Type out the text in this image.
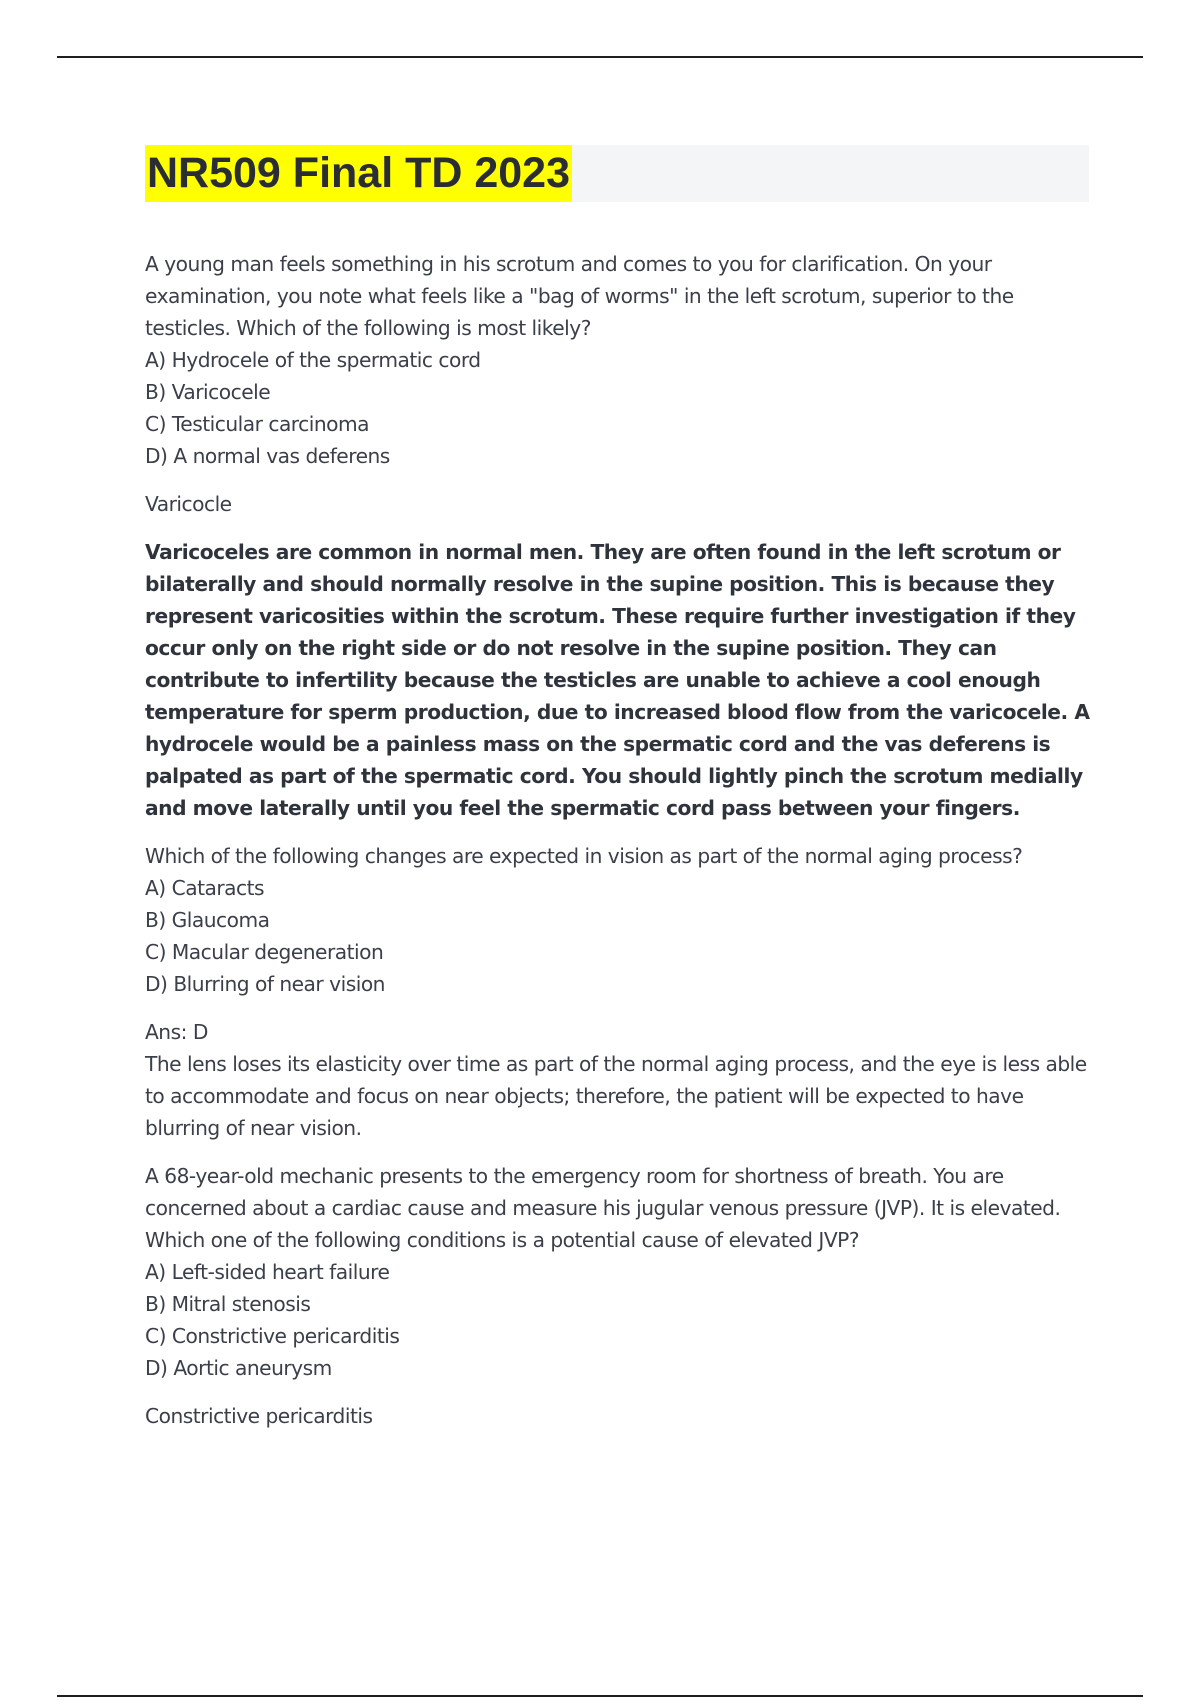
NR509 Final TD 2023

A young man feels something in his scrotum and comes to you for clarification. On your examination, you note what feels like a "bag of worms" in the left scrotum, superior to the testicles. Which of the following is most likely?

A) Hydrocele of the spermatic cord

B) Varicocele

C) Testicular carcinoma

D) A normal vas deferens

Varicocle

Varicoceles are common in normal men. They are often found in the left scrotum or bilaterally and should normally resolve in the supine position. This is because they represent varicosities within the scrotum. These require further investigation if they occur only on the right side or do not resolve in the supine position. They can contribute to infertility because the testicles are unable to achieve a cool enough temperature for sperm production, due to increased blood flow from the varicocele. A hydrocele would be a painless mass on the spermatic cord and the vas deferens is palpated as part of the spermatic cord. You should lightly pinch the scrotum medially and move laterally until you feel the spermatic cord pass between your fingers.

Which of the following changes are expected in vision as part of the normal aging process?

A) Cataracts

B) Glaucoma

C) Macular degeneration

D) Blurring of near vision

Ans: D

The lens loses its elasticity over time as part of the normal aging process, and the eye is less able to accommodate and focus on near objects; therefore, the patient will be expected to have blurring of near vision.

A 68-year-old mechanic presents to the emergency room for shortness of breath. You are concerned about a cardiac cause and measure his jugular venous pressure (JVP). It is elevated. Which one of the following conditions is a potential cause of elevated JVP?

A) Left-sided heart failure

B) Mitral stenosis

C) Constrictive pericarditis

D) Aortic aneurysm

Constrictive pericarditis
